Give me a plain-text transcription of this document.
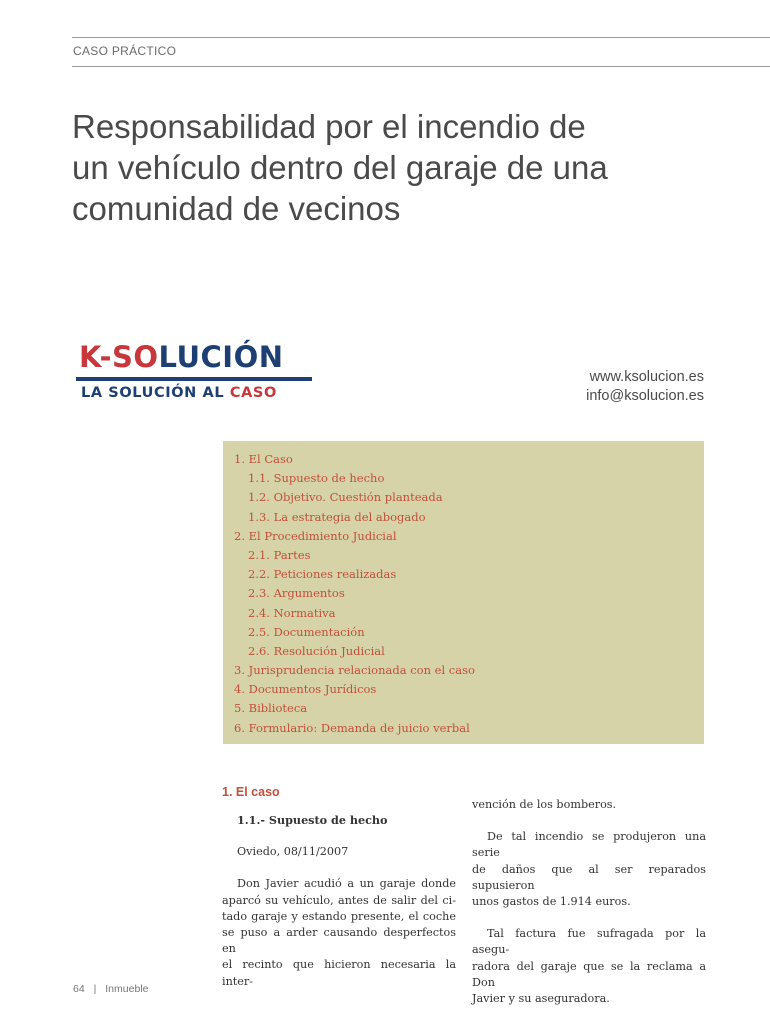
CASO PRÁCTICO
Responsabilidad por el incendio de
un vehículo dentro del garaje de una
comunidad de vecinos
K-SOLUCIÓN
LA SOLUCIÓN AL CASO
www.ksolucion.es
info@ksolucion.es
1. El Caso
1.1. Supuesto de hecho
1.2. Objetivo. Cuestión planteada
1.3. La estrategia del abogado
2. El Procedimiento Judicial
2.1. Partes
2.2. Peticiones realizadas
2.3. Argumentos
2.4. Normativa
2.5. Documentación
2.6. Resolución Judicial
3. Jurisprudencia relacionada con el caso
4. Documentos Jurídicos
5. Biblioteca
6. Formulario: Demanda de juicio verbal
1. El caso

1.1.- Supuesto de hecho

Oviedo, 08/11/2007

Don Javier acudió a un garaje donde
aparcó su vehículo, antes de salir del ci-
tado garaje y estando presente, el coche
se puso a arder causando desperfectos en
el recinto que hicieron necesaria la inter-

vención de los bomberos.

De tal incendio se produjeron una serie
de daños que al ser reparados supusieron
unos gastos de 1.914 euros.

Tal factura fue sufragada por la asegu-
radora del garaje que se la reclama a Don
Javier y su aseguradora.

64 | Inmueble
